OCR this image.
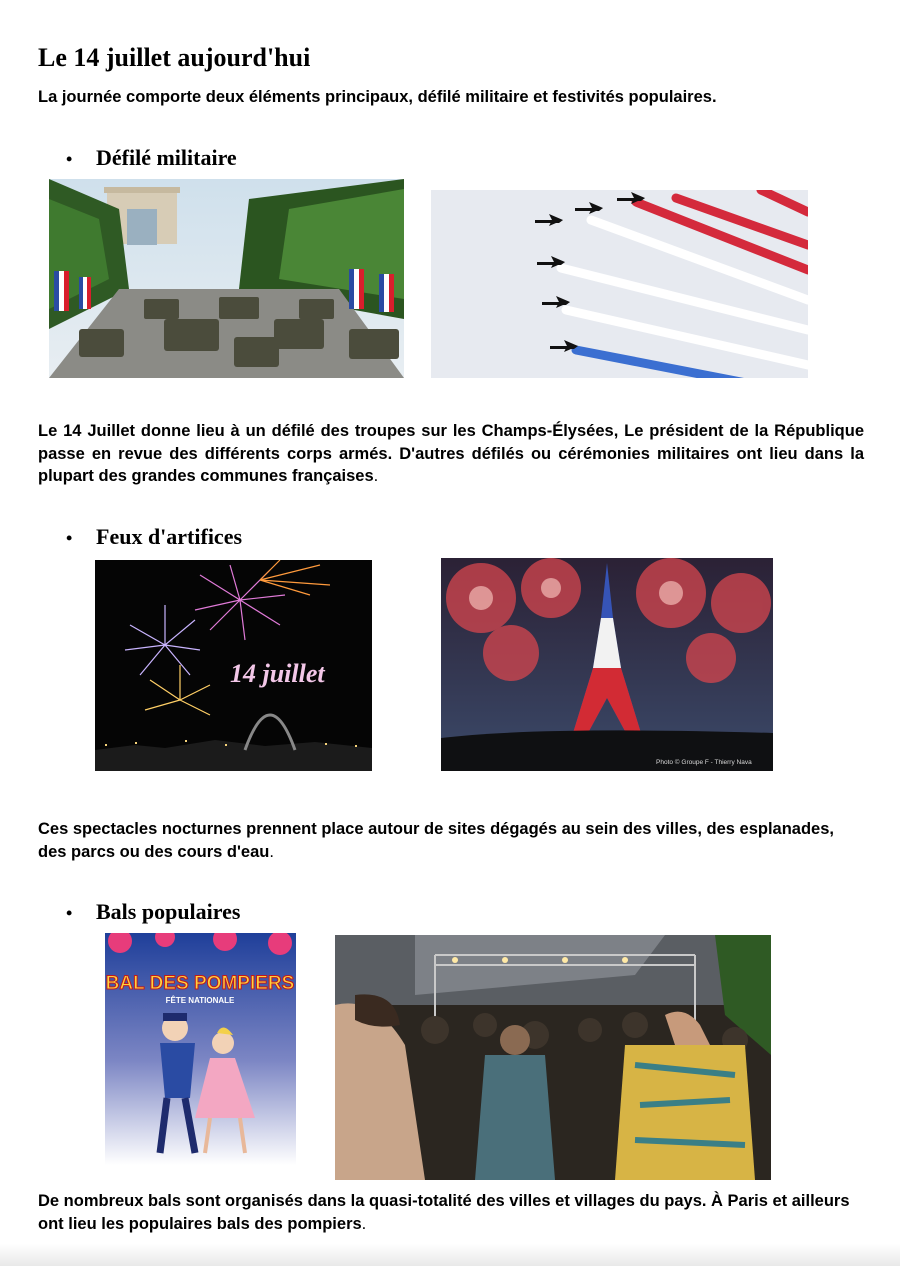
Le 14 juillet aujourd'hui
La journée comporte deux éléments principaux, défilé militaire et festivités populaires.
• Défilé militaire
Le 14 Juillet donne lieu à un défilé des troupes sur les Champs-Élysées, Le président de la République passe en revue des différents corps armés. D'autres défilés ou cérémonies militaires ont lieu dans la plupart des grandes communes françaises.
• Feux d'artifices
14 juillet
Photo © Groupe F - Thierry Nava
Ces spectacles nocturnes prennent place autour de sites dégagés au sein des villes, des esplanades, des parcs ou des cours d'eau.
• Bals populaires
BAL DES POMPIERS
FÊTE NATIONALE
De nombreux bals sont organisés dans la quasi-totalité des villes et villages du pays. À Paris et ailleurs ont lieu les populaires bals des pompiers.
